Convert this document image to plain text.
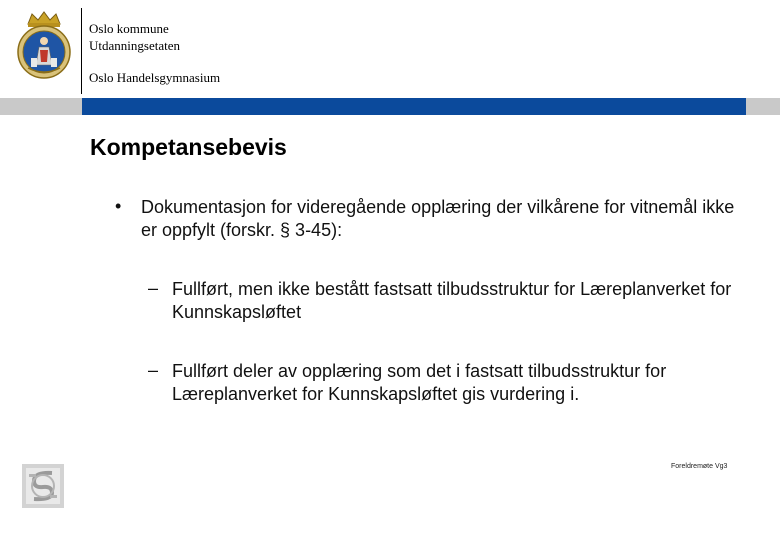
Oslo kommune
Utdanningsetaten
Oslo Handelsgymnasium
Kompetansebevis
• Dokumentasjon for videregående opplæring der vilkårene for vitnemål ikke er oppfylt (forskr. § 3-45):
– Fullført, men ikke bestått fastsatt tilbudsstruktur for Læreplanverket for Kunnskapsløftet
– Fullført deler av opplæring som det i fastsatt tilbudsstruktur for Læreplanverket for Kunnskapsløftet gis vurdering i.
Foreldremøte Vg3
